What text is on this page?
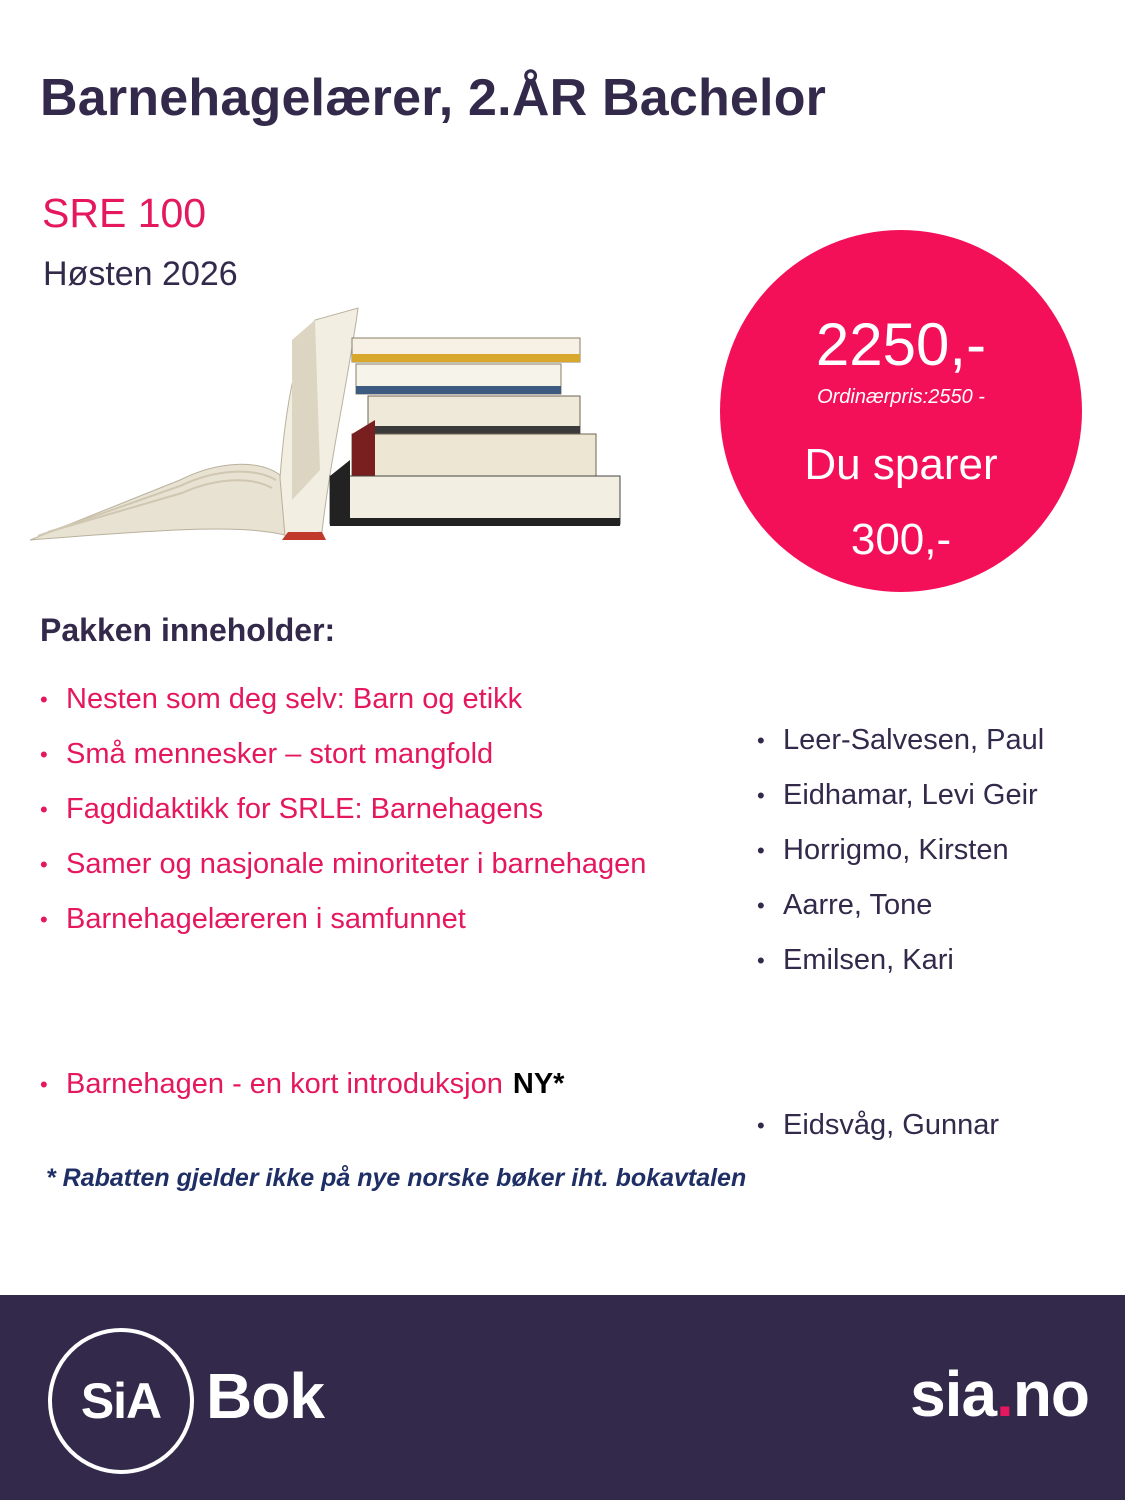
Barnehagelærer, 2.ÅR Bachelor
SRE 100
Høsten 2026
2250,-
Ordinærpris:2550 -
Du sparer
300,-
Pakken inneholder:
• Nesten som deg selv: Barn og etikk
• Små mennesker – stort mangfold
• Fagdidaktikk for SRLE: Barnehagens
• Samer og nasjonale minoriteter i barnehagen
• Barnehagelæreren i samfunnet
• Leer-Salvesen, Paul
• Eidhamar, Levi Geir
• Horrigmo, Kirsten
• Aarre, Tone
• Emilsen, Kari
• Barnehagen - en kort introduksjon NY*
• Eidsvåg, Gunnar
* Rabatten gjelder ikke på nye norske bøker iht. bokavtalen
SiA Bok	sia.no
